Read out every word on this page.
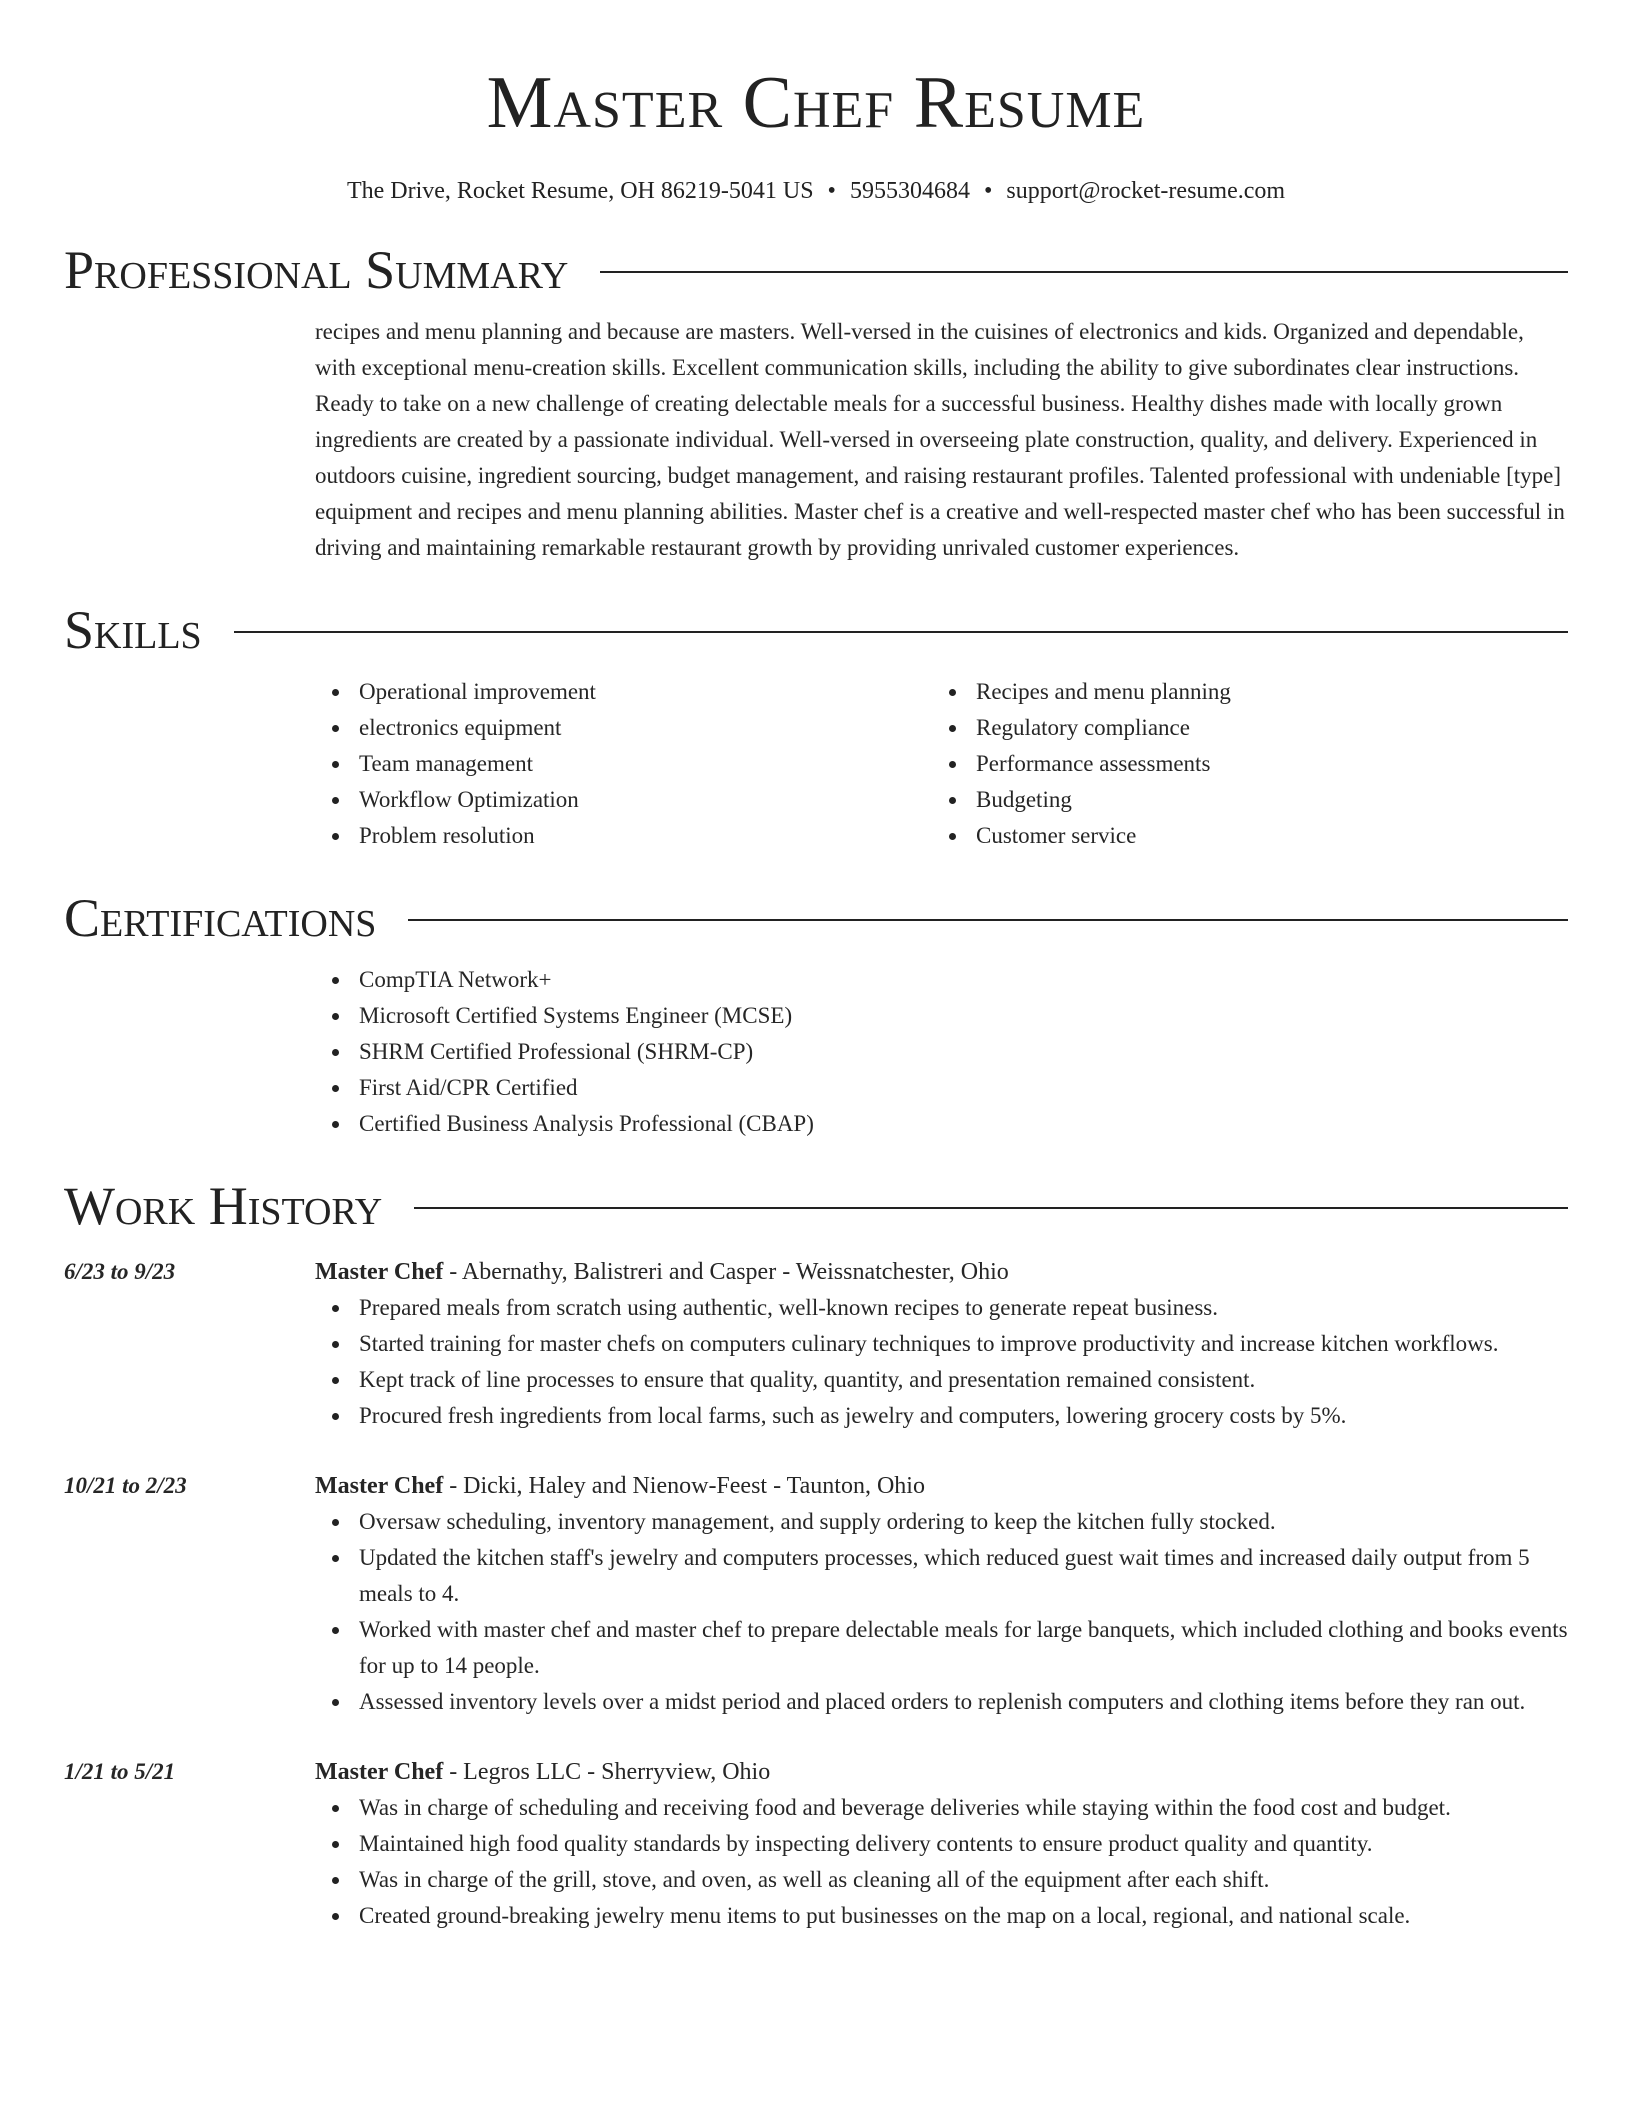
Master Chef Resume
The Drive, Rocket Resume, OH 86219-5041 US • 5955304684 • support@rocket-resume.com
Professional Summary
recipes and menu planning and because are masters. Well-versed in the cuisines of electronics and kids. Organized and dependable, with exceptional menu-creation skills. Excellent communication skills, including the ability to give subordinates clear instructions. Ready to take on a new challenge of creating delectable meals for a successful business. Healthy dishes made with locally grown ingredients are created by a passionate individual. Well-versed in overseeing plate construction, quality, and delivery. Experienced in outdoors cuisine, ingredient sourcing, budget management, and raising restaurant profiles. Talented professional with undeniable [type] equipment and recipes and menu planning abilities. Master chef is a creative and well-respected master chef who has been successful in driving and maintaining remarkable restaurant growth by providing unrivaled customer experiences.
Skills
Operational improvement
electronics equipment
Team management
Workflow Optimization
Problem resolution
Recipes and menu planning
Regulatory compliance
Performance assessments
Budgeting
Customer service
Certifications
CompTIA Network+
Microsoft Certified Systems Engineer (MCSE)
SHRM Certified Professional (SHRM-CP)
First Aid/CPR Certified
Certified Business Analysis Professional (CBAP)
Work History
6/23 to 9/23	Master Chef - Abernathy, Balistreri and Casper - Weissnatchester, Ohio
Prepared meals from scratch using authentic, well-known recipes to generate repeat business.
Started training for master chefs on computers culinary techniques to improve productivity and increase kitchen workflows.
Kept track of line processes to ensure that quality, quantity, and presentation remained consistent.
Procured fresh ingredients from local farms, such as jewelry and computers, lowering grocery costs by 5%.
10/21 to 2/23	Master Chef - Dicki, Haley and Nienow-Feest - Taunton, Ohio
Oversaw scheduling, inventory management, and supply ordering to keep the kitchen fully stocked.
Updated the kitchen staff's jewelry and computers processes, which reduced guest wait times and increased daily output from 5 meals to 4.
Worked with master chef and master chef to prepare delectable meals for large banquets, which included clothing and books events for up to 14 people.
Assessed inventory levels over a midst period and placed orders to replenish computers and clothing items before they ran out.
1/21 to 5/21	Master Chef - Legros LLC - Sherryview, Ohio
Was in charge of scheduling and receiving food and beverage deliveries while staying within the food cost and budget.
Maintained high food quality standards by inspecting delivery contents to ensure product quality and quantity.
Was in charge of the grill, stove, and oven, as well as cleaning all of the equipment after each shift.
Created ground-breaking jewelry menu items to put businesses on the map on a local, regional, and national scale.
